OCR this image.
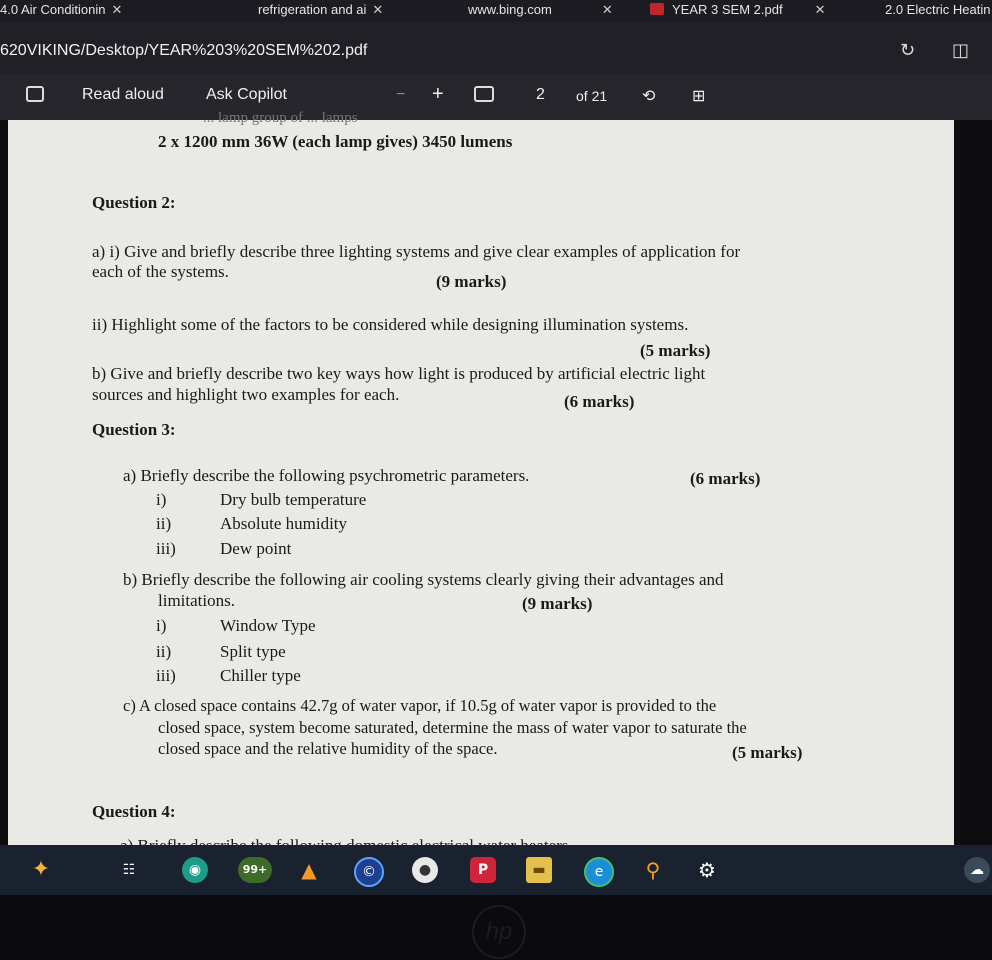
4.0 Air Conditionin ✕	refrigeration and ai ✕	www.bing.com	✕	YEAR 3 SEM 2.pdf ✕	2.0 Electric Heatin
620VIKING/Desktop/YEAR%203%20SEM%202.pdf	↻ ◫
Read aloud	Ask Copilot	− +	2 of 21 ⟲ ⊞
... lamp group of ... lamps
2 x 1200 mm 36W (each lamp gives) 3450 lumens
Question 2:
a) i) Give and briefly describe three lighting systems and give clear examples of application for
each of the systems.
(9 marks)
ii) Highlight some of the factors to be considered while designing illumination systems.
(5 marks)
b) Give and briefly describe two key ways how light is produced by artificial electric light
sources and highlight two examples for each.	(6 marks)
Question 3:
a) Briefly describe the following psychrometric parameters.	(6 marks)
i)	Dry bulb temperature
ii)	Absolute humidity
iii)	Dew point
b) Briefly describe the following air cooling systems clearly giving their advantages and
limitations.	(9 marks)
i)	Window Type
ii)	Split type
iii)	Chiller type
c) A closed space contains 42.7g of water vapor, if 10.5g of water vapor is provided to the
closed space, system become saturated, determine the mass of water vapor to saturate the
closed space and the relative humidity of the space.	(5 marks)
Question 4:
✦	☷	◉	99+ ▲	©	●	P	▬	e	⚲ ⚙	☁
hp
